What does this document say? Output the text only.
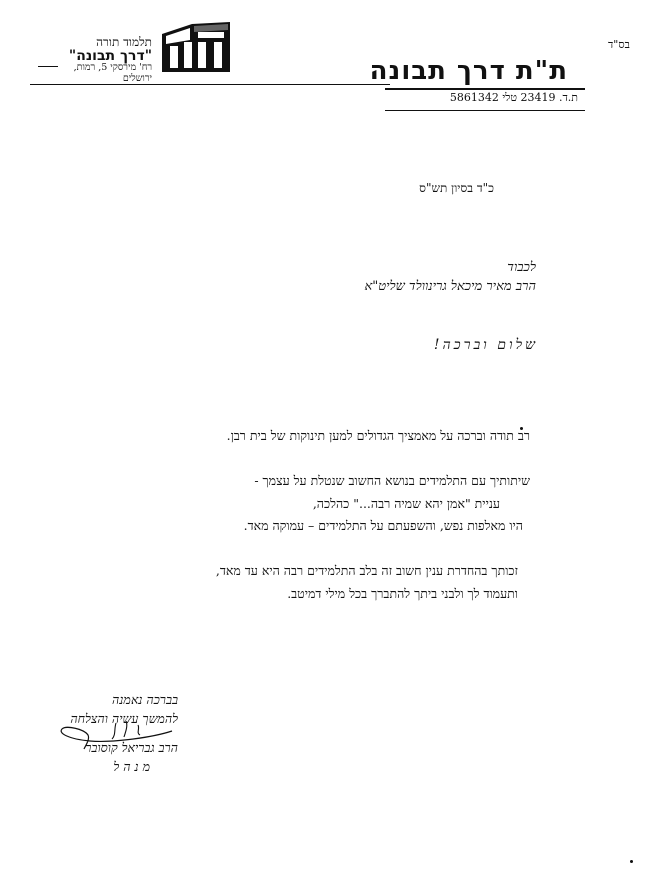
בס"ד
ת"ת דרך תבונה
ת.ד. 23419 טלי 5861342
תלמוד תורה
"דרך תבונה"
רח' מירסקי 5, רמות,
ירושלים
כ"ד בסיון תש"ס
לכבוד
הרב מאיר מיכאל גרינוולד שליט"א
שלום וברכה!
רב תודה וברכה על מאמציך הגדולים למען תינוקות של בית רבן.
שיתותיך עם התלמידים בנושא החשוב שנטלת על עצמך -
עניית "אמן יהא שמיה רבה..." כהלכה,
היו מאלפות נפש, והשפעתם על התלמידים – עמוקה מאד.
זכותך בהחדרת ענין חשוב זה בלב התלמידים רבה היא עד מאד,
ותעמוד לך ולבני ביתך להתברך בכל מילי דמיטב.
בברכה נאמנה
להמשך עשיה והצלחה
הרב גבריאל קוסובר
מנהל
